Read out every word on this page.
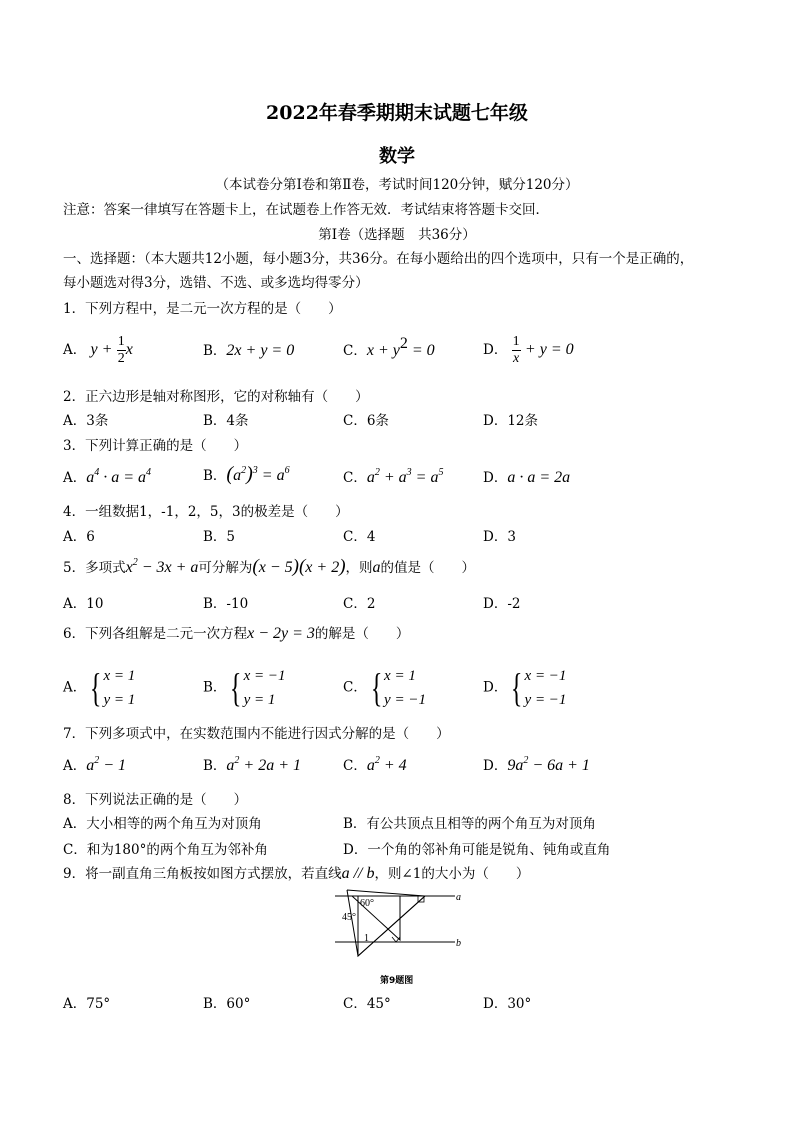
2022年春季期期末试题七年级
数学
（本试卷分第Ⅰ卷和第Ⅱ卷，考试时间120分钟，赋分120分）
注意：答案一律填写在答题卡上，在试题卷上作答无效．考试结束将答题卡交回．
第Ⅰ卷（选择题　共36分）
一、选择题：（本大题共12小题，每小题3分，共36分。在每小题给出的四个选项中，只有一个是正确的，
每小题选对得3分，选错、不选、或多选均得零分）
1．下列方程中，是二元一次方程的是（　　）
A． $y + \frac{1}{2}$ x	B．2x + y = 0	C．$x + y^2 = 0$	D． $\frac{1}{x} + y = 0$
2．正六边形是轴对称图形，它的对称轴有（　　）
A．3条	B．4条	C．6条	D．12条
3．下列计算正确的是（　　）
A．$a^4 \cdot a = a^4$	B．$(a^2)^3 = a^6$	C．$a^2 + a^3 = a^5$	D．a · a = 2a
4．一组数据1，-1，2，5，3的极差是（　　）
A．6	B．5	C．4	D．3
5．多项式$x^2 - 3x + a$可分解为(x − 5)(x + 2)，则a的值是（　　）
A．10	B．-10	C．2	D．-2
6．下列各组解是二元一次方程x − 2y = 3的解是（　　）
A．{ x = 1
y = 1
B．{ x = −1
y = 1
C．{ x = 1
y = −1
D．{ x = −1
y = −1
7．下列多项式中，在实数范围内不能进行因式分解的是（　　）
A．$a^2 - 1$	B．$a^2 + 2a + 1$	C．$a^2 + 4$	D．$9a^2 - 6a + 1$
8．下列说法正确的是（　　）
A．大小相等的两个角互为对顶角	B．有公共顶点且相等的两个角互为对顶角
C．和为180°的两个角互为邻补角	D．一个角的邻补角可能是锐角、钝角或直角
9．将一副直角三角板按如图方式摆放，若直线a // b，则∠1的大小为（　　）
60°
45°
1
a
b
第9题图
A．75°	B．60°	C．45°	D．30°
